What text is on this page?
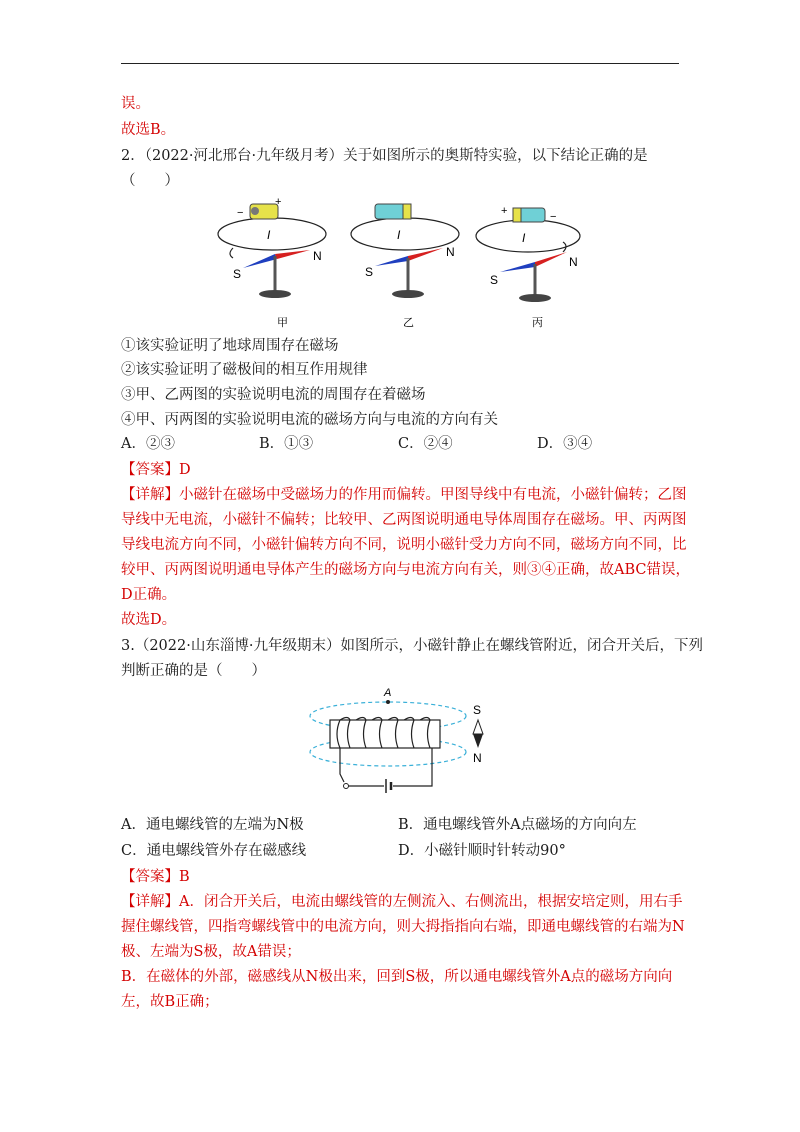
误。
故选B。
2．（2022·河北邢台·九年级月考）关于如图所示的奥斯特实验，以下结论正确的是
（　　）
−
+
I
S
N
I
S
N
+	−
I
S
N
甲	乙	丙
①该实验证明了地球周围存在磁场
②该实验证明了磁极间的相互作用规律
③甲、乙两图的实验说明电流的周围存在着磁场
④甲、丙两图的实验说明电流的磁场方向与电流的方向有关
A．②③	B．①③	C．②④	D．③④
【答案】D
【详解】小磁针在磁场中受磁场力的作用而偏转。甲图导线中有电流，小磁针偏转；乙图
导线中无电流，小磁针不偏转；比较甲、乙两图说明通电导体周围存在磁场。甲、丙两图
导线电流方向不同，小磁针偏转方向不同，说明小磁针受力方向不同，磁场方向不同，比
较甲、丙两图说明通电导体产生的磁场方向与电流方向有关，则③④正确，故ABC错误，
D正确。
故选D。
3.（2022·山东淄博·九年级期末）如图所示，小磁针静止在螺线管附近，闭合开关后，下列
判断正确的是（　　）
A
S
N
A．通电螺线管的左端为N极	B．通电螺线管外A点磁场的方向向左
C．通电螺线管外存在磁感线	D．小磁针顺时针转动90°
【答案】B
【详解】A．闭合开关后，电流由螺线管的左侧流入、右侧流出，根据安培定则，用右手
握住螺线管，四指弯螺线管中的电流方向，则大拇指指向右端，即通电螺线管的右端为N
极、左端为S极，故A错误；
B．在磁体的外部，磁感线从N极出来，回到S极，所以通电螺线管外A点的磁场方向向
左，故B正确；
